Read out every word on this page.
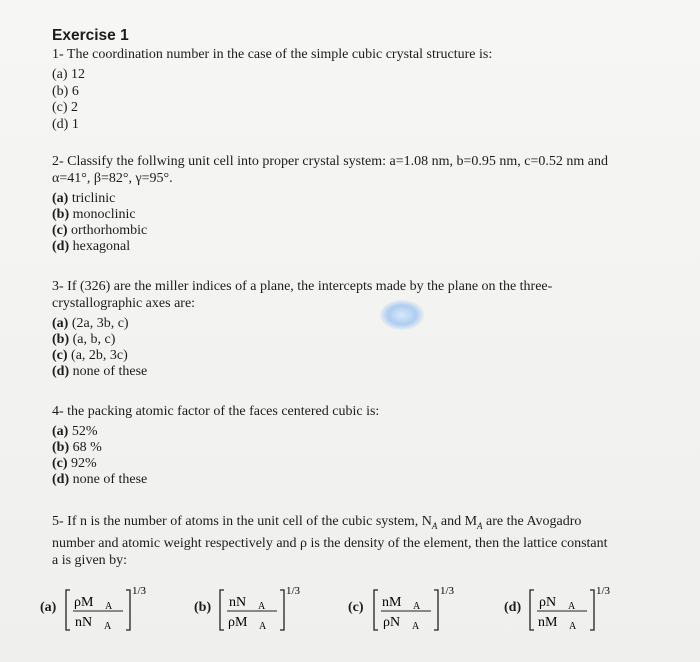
Exercise 1

1- The coordination number in the case of the simple cubic crystal structure is:

(a) 12
(b) 6
(c) 2
(d) 1
2- Classify the follwing unit cell into proper crystal system: a=1.08 nm, b=0.95 nm, c=0.52 nm and
α=41°, β=82°, γ=95°.
(a) triclinic
(b) monoclinic
(c) orthorhombic
(d) hexagonal
3- If (326) are the miller indices of a plane, the intercepts made by the plane on the three-
crystallographic axes are:
(a) (2a, 3b, c)
(b) (a, b, c)
(c) (a, 2b, 3c)
(d) none of these
4- the packing atomic factor of the faces centered cubic is:
(a) 52%
(b) 68 %
(c) 92%
(d) none of these
5- If n is the number of atoms in the unit cell of the cubic system, $N_A$ and $M_A$ are the Avogadro
number and atomic weight respectively and ρ is the density of the element, then the lattice constant
a is given by:
(a) ρM A
nN A
1/3
(b) nN A
ρM A
1/3
(c) nM A
ρN A
1/3
(d) ρN A
nM A
1/3
